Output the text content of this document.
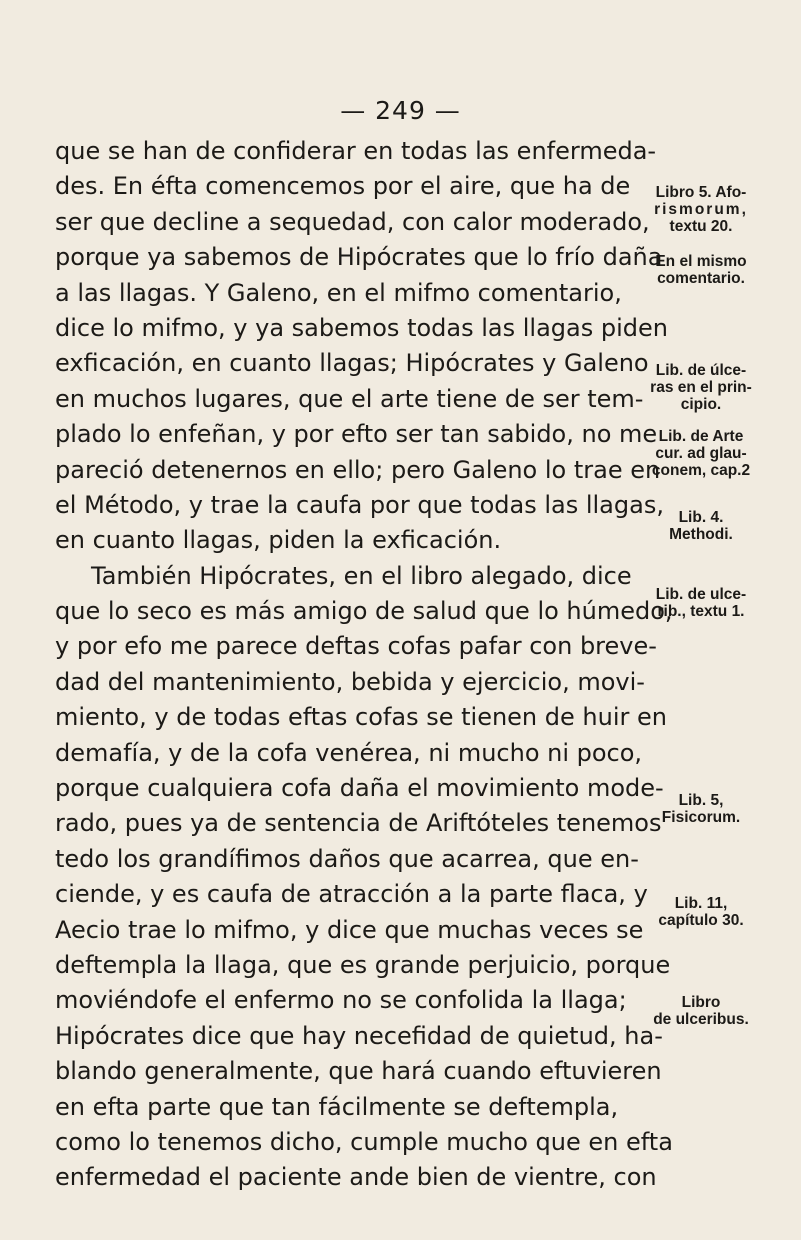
— 249 —
que se han de confiderar en todas las enfermeda-
des. En éfta comencemos por el aire, que ha de
ser que decline a sequedad, con calor moderado,
porque ya sabemos de Hipócrates que lo frío daña
a las llagas. Y Galeno, en el mifmo comentario,
dice lo mifmo, y ya sabemos todas las llagas piden
exficación, en cuanto llagas; Hipócrates y Galeno
en muchos lugares, que el arte tiene de ser tem-
plado lo enfeñan, y por efto ser tan sabido, no me
pareció detenernos en ello; pero Galeno lo trae en
el Método, y trae la caufa por que todas las llagas,
en cuanto llagas, piden la exficación.
También Hipócrates, en el libro alegado, dice
que lo seco es más amigo de salud que lo húmedo,
y por efo me parece deftas cofas pafar con breve-
dad del mantenimiento, bebida y ejercicio, movi-
miento, y de todas eftas cofas se tienen de huir en
demafía, y de la cofa venérea, ni mucho ni poco,
porque cualquiera cofa daña el movimiento mode-
rado, pues ya de sentencia de Ariftóteles tenemos
tedo los grandífimos daños que acarrea, que en-
ciende, y es caufa de atracción a la parte flaca, y
Aecio trae lo mifmo, y dice que muchas veces se
deftempla la llaga, que es grande perjuicio, porque
moviéndofe el enfermo no se confolida la llaga;
Hipócrates dice que hay necefidad de quietud, ha-
blando generalmente, que hará cuando eftuvieren
en efta parte que tan fácilmente se deftempla,
como lo tenemos dicho, cumple mucho que en efta
enfermedad el paciente ande bien de vientre, con
Libro 5. Afo-
rismorum,
textu 20.
En el mismo
comentario.
Lib. de úlce-
ras en el prin-
cipio.
Lib. de Arte
cur. ad glau-
conem, cap.2
Lib. 4.
Methodi.
Lib. de ulce-
rib., textu 1.
Lib. 5,
Fisicorum.
Lib. 11,
capítulo 30.
Libro
de ulceribus.
